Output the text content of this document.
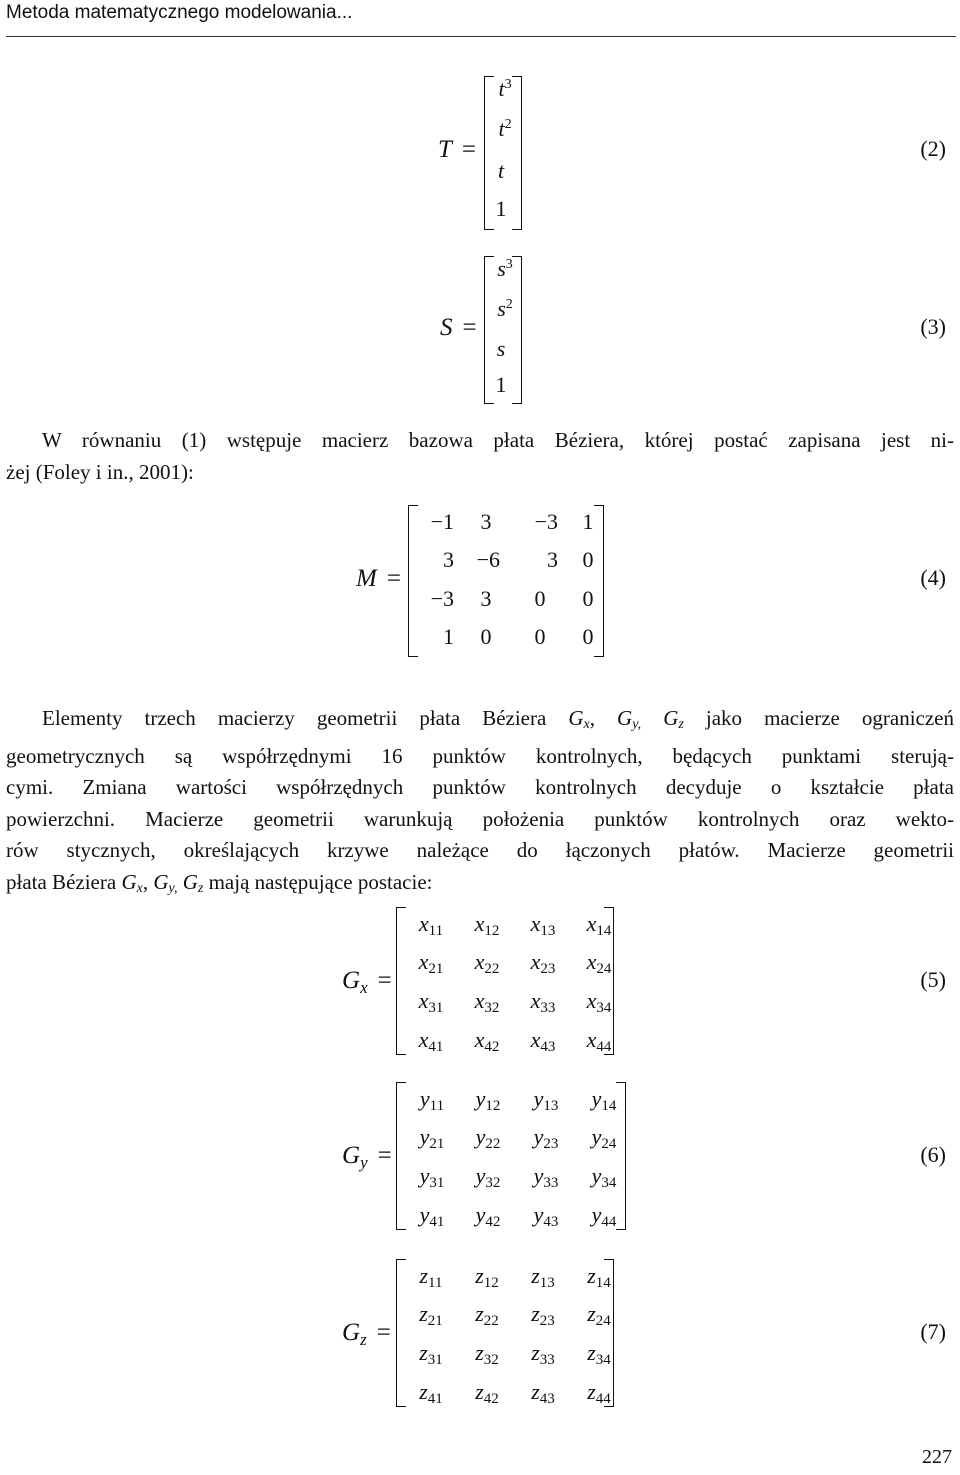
Metoda matematycznego modelowania...
T =
$t^3$
$t^2$
t
1
(2)
S =
$s^3$
$s^2$
s
1
(3)
W równaniu (1) wstępuje macierz bazowa płata Béziera, której postać zapisana jest ni-
żej (Foley i in., 2001):
M =
−1 3	−3 1
3	−6	3 0
−3 3 0 0
1 0 0 0
(4)
Elementy trzech macierzy geometrii płata Béziera $G_x$, $G_{y,}$ $G_z$ jako macierze ograniczeń
geometrycznych są współrzędnymi 16 punktów kontrolnych, będących punktami sterują-
cymi. Zmiana wartości współrzędnych punktów kontrolnych decyduje o kształcie płata
powierzchni. Macierze geometrii warunkują położenia punktów kontrolnych oraz wekto-
rów stycznych, określających krzywe należące do łączonych płatów. Macierze geometrii
płata Béziera $G_x$, $G_{y,}$ $G_z$ mają następujące postacie:
$G_x$ =
$x_{11}$	$x_{12}$	$x_{13}$	$x_{14}$
$x_{21}$	$x_{22}$	$x_{23}$	$x_{24}$
$x_{31}$	$x_{32}$	$x_{33}$	$x_{34}$
$x_{41}$	$x_{42}$	$x_{43}$	$x_{44}$
(5)
$G_y$ =
$y_{11}$	$y_{12}$	$y_{13}$	$y_{14}$
$y_{21}$	$y_{22}$	$y_{23}$	$y_{24}$
$y_{31}$	$y_{32}$	$y_{33}$	$y_{34}$
$y_{41}$	$y_{42}$	$y_{43}$	$y_{44}$
(6)
$G_z$ =
$z_{11}$	$z_{12}$	$z_{13}$	$z_{14}$
$z_{21}$	$z_{22}$	$z_{23}$	$z_{24}$
$z_{31}$	$z_{32}$	$z_{33}$	$z_{34}$
$z_{41}$	$z_{42}$	$z_{43}$	$z_{44}$
(7)
227
